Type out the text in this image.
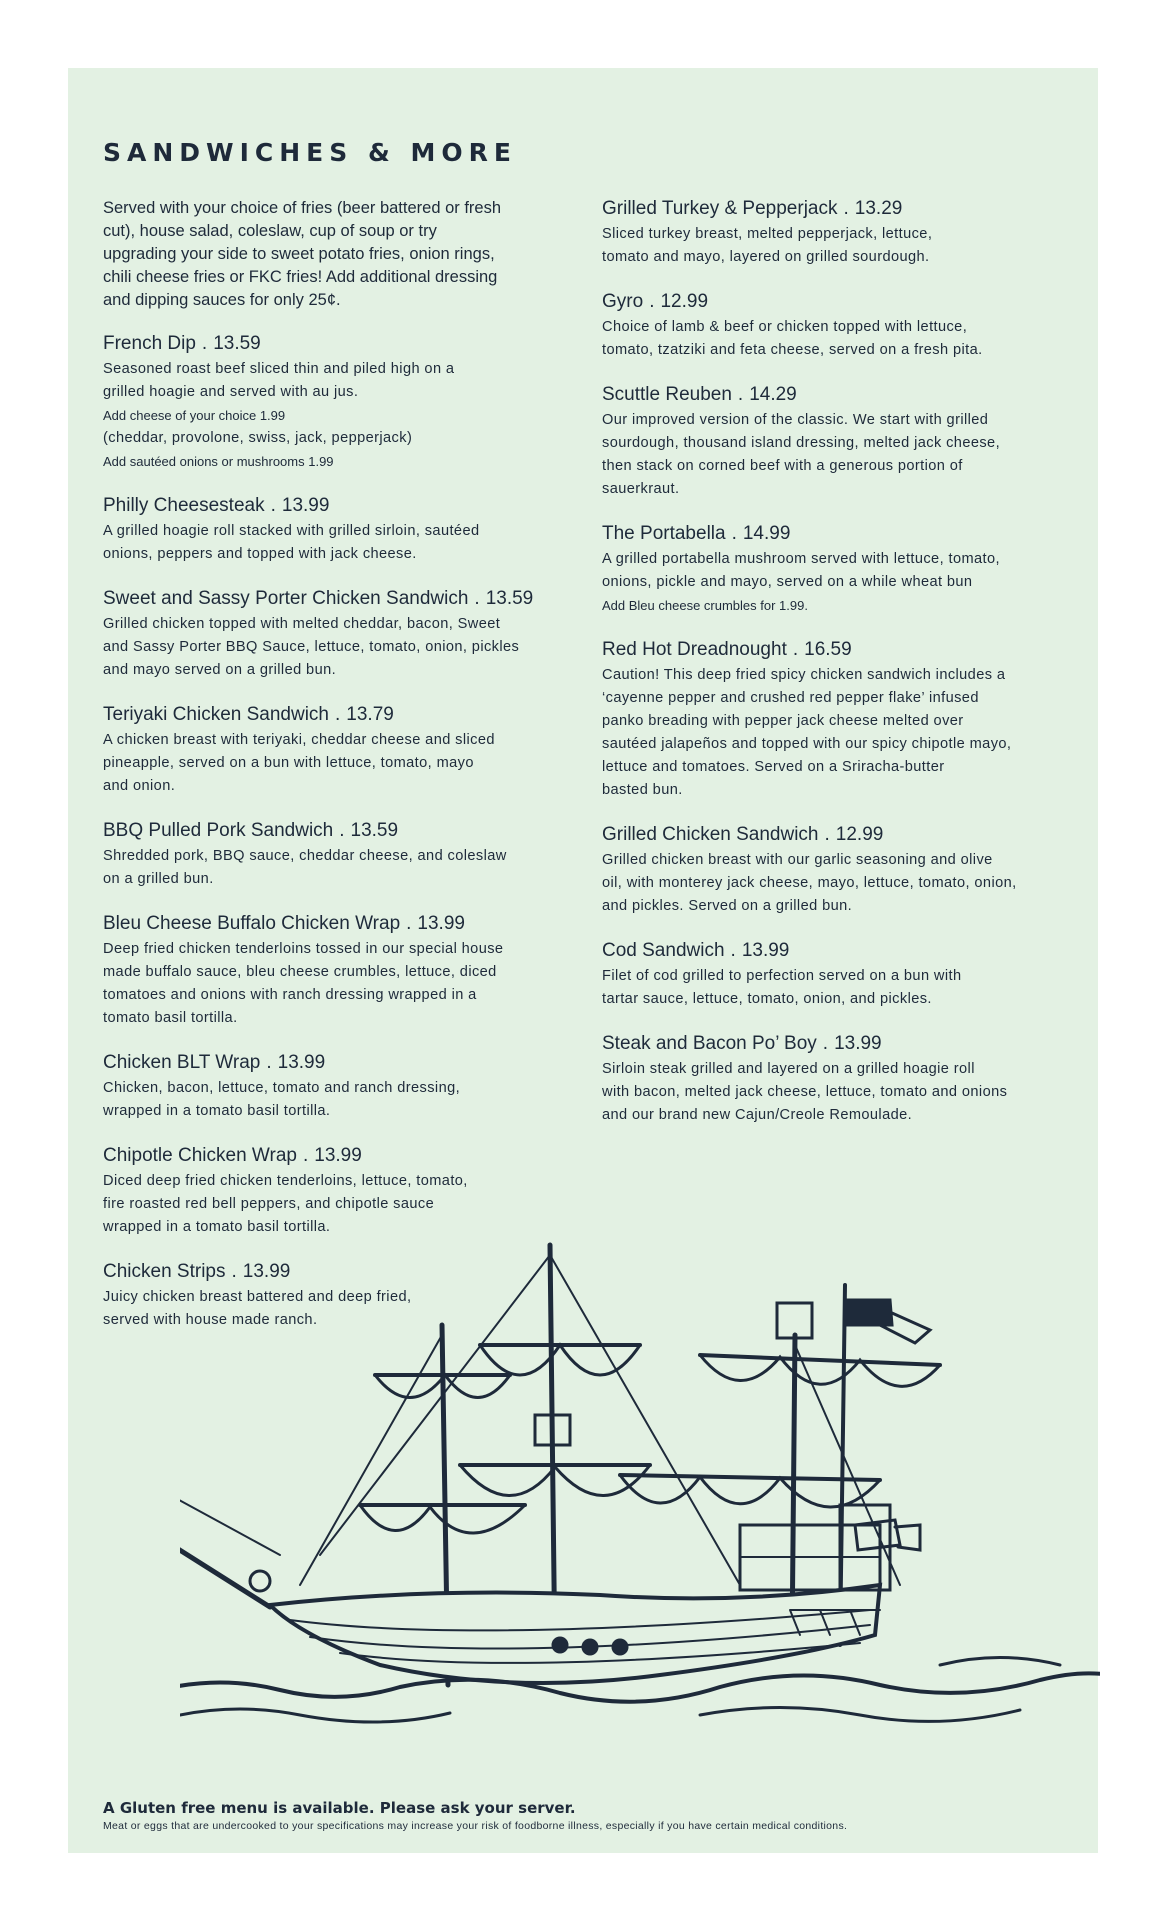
SANDWICHES & MORE
Served with your choice of fries (beer battered or fresh cut), house salad, coleslaw, cup of soup or try upgrading your side to sweet potato fries, onion rings, chili cheese fries or FKC fries! Add additional dressing and dipping sauces for only 25¢.
French Dip . 13.59
Seasoned roast beef sliced thin and piled high on a
grilled hoagie and served with au jus.
Add cheese of your choice 1.99
(cheddar, provolone, swiss, jack, pepperjack)
Add sautéed onions or mushrooms 1.99
Philly Cheesesteak . 13.99
A grilled hoagie roll stacked with grilled sirloin, sautéed
onions, peppers and topped with jack cheese.
Sweet and Sassy Porter Chicken Sandwich . 13.59
Grilled chicken topped with melted cheddar, bacon, Sweet
and Sassy Porter BBQ Sauce, lettuce, tomato, onion, pickles
and mayo served on a grilled bun.
Teriyaki Chicken Sandwich . 13.79
A chicken breast with teriyaki, cheddar cheese and sliced
pineapple, served on a bun with lettuce, tomato, mayo
and onion.
BBQ Pulled Pork Sandwich . 13.59
Shredded pork, BBQ sauce, cheddar cheese, and coleslaw
on a grilled bun.
Bleu Cheese Buffalo Chicken Wrap . 13.99
Deep fried chicken tenderloins tossed in our special house
made buffalo sauce, bleu cheese crumbles, lettuce, diced
tomatoes and onions with ranch dressing wrapped in a
tomato basil tortilla.
Chicken BLT Wrap . 13.99
Chicken, bacon, lettuce, tomato and ranch dressing,
wrapped in a tomato basil tortilla.
Chipotle Chicken Wrap . 13.99
Diced deep fried chicken tenderloins, lettuce, tomato,
fire roasted red bell peppers, and chipotle sauce
wrapped in a tomato basil tortilla.
Chicken Strips . 13.99
Juicy chicken breast battered and deep fried,
served with house made ranch.
Grilled Turkey & Pepperjack . 13.29
Sliced turkey breast, melted pepperjack, lettuce,
tomato and mayo, layered on grilled sourdough.
Gyro . 12.99
Choice of lamb & beef or chicken topped with lettuce,
tomato, tzatziki and feta cheese, served on a fresh pita.
Scuttle Reuben . 14.29
Our improved version of the classic. We start with grilled
sourdough, thousand island dressing, melted jack cheese,
then stack on corned beef with a generous portion of
sauerkraut.
The Portabella . 14.99
A grilled portabella mushroom served with lettuce, tomato,
onions, pickle and mayo, served on a while wheat bun
Add Bleu cheese crumbles for 1.99.
Red Hot Dreadnought . 16.59
Caution! This deep fried spicy chicken sandwich includes a
‘cayenne pepper and crushed red pepper flake’ infused
panko breading with pepper jack cheese melted over
sautéed jalapeños and topped with our spicy chipotle mayo,
lettuce and tomatoes. Served on a Sriracha-butter
basted bun.
Grilled Chicken Sandwich . 12.99
Grilled chicken breast with our garlic seasoning and olive
oil, with monterey jack cheese, mayo, lettuce, tomato, onion,
and pickles. Served on a grilled bun.
Cod Sandwich . 13.99
Filet of cod grilled to perfection served on a bun with
tartar sauce, lettuce, tomato, onion, and pickles.
Steak and Bacon Po’ Boy . 13.99
Sirloin steak grilled and layered on a grilled hoagie roll
with bacon, melted jack cheese, lettuce, tomato and onions
and our brand new Cajun/Creole Remoulade.
A Gluten free menu is available. Please ask your server.
Meat or eggs that are undercooked to your specifications may increase your risk of foodborne illness, especially if you have certain medical conditions.
